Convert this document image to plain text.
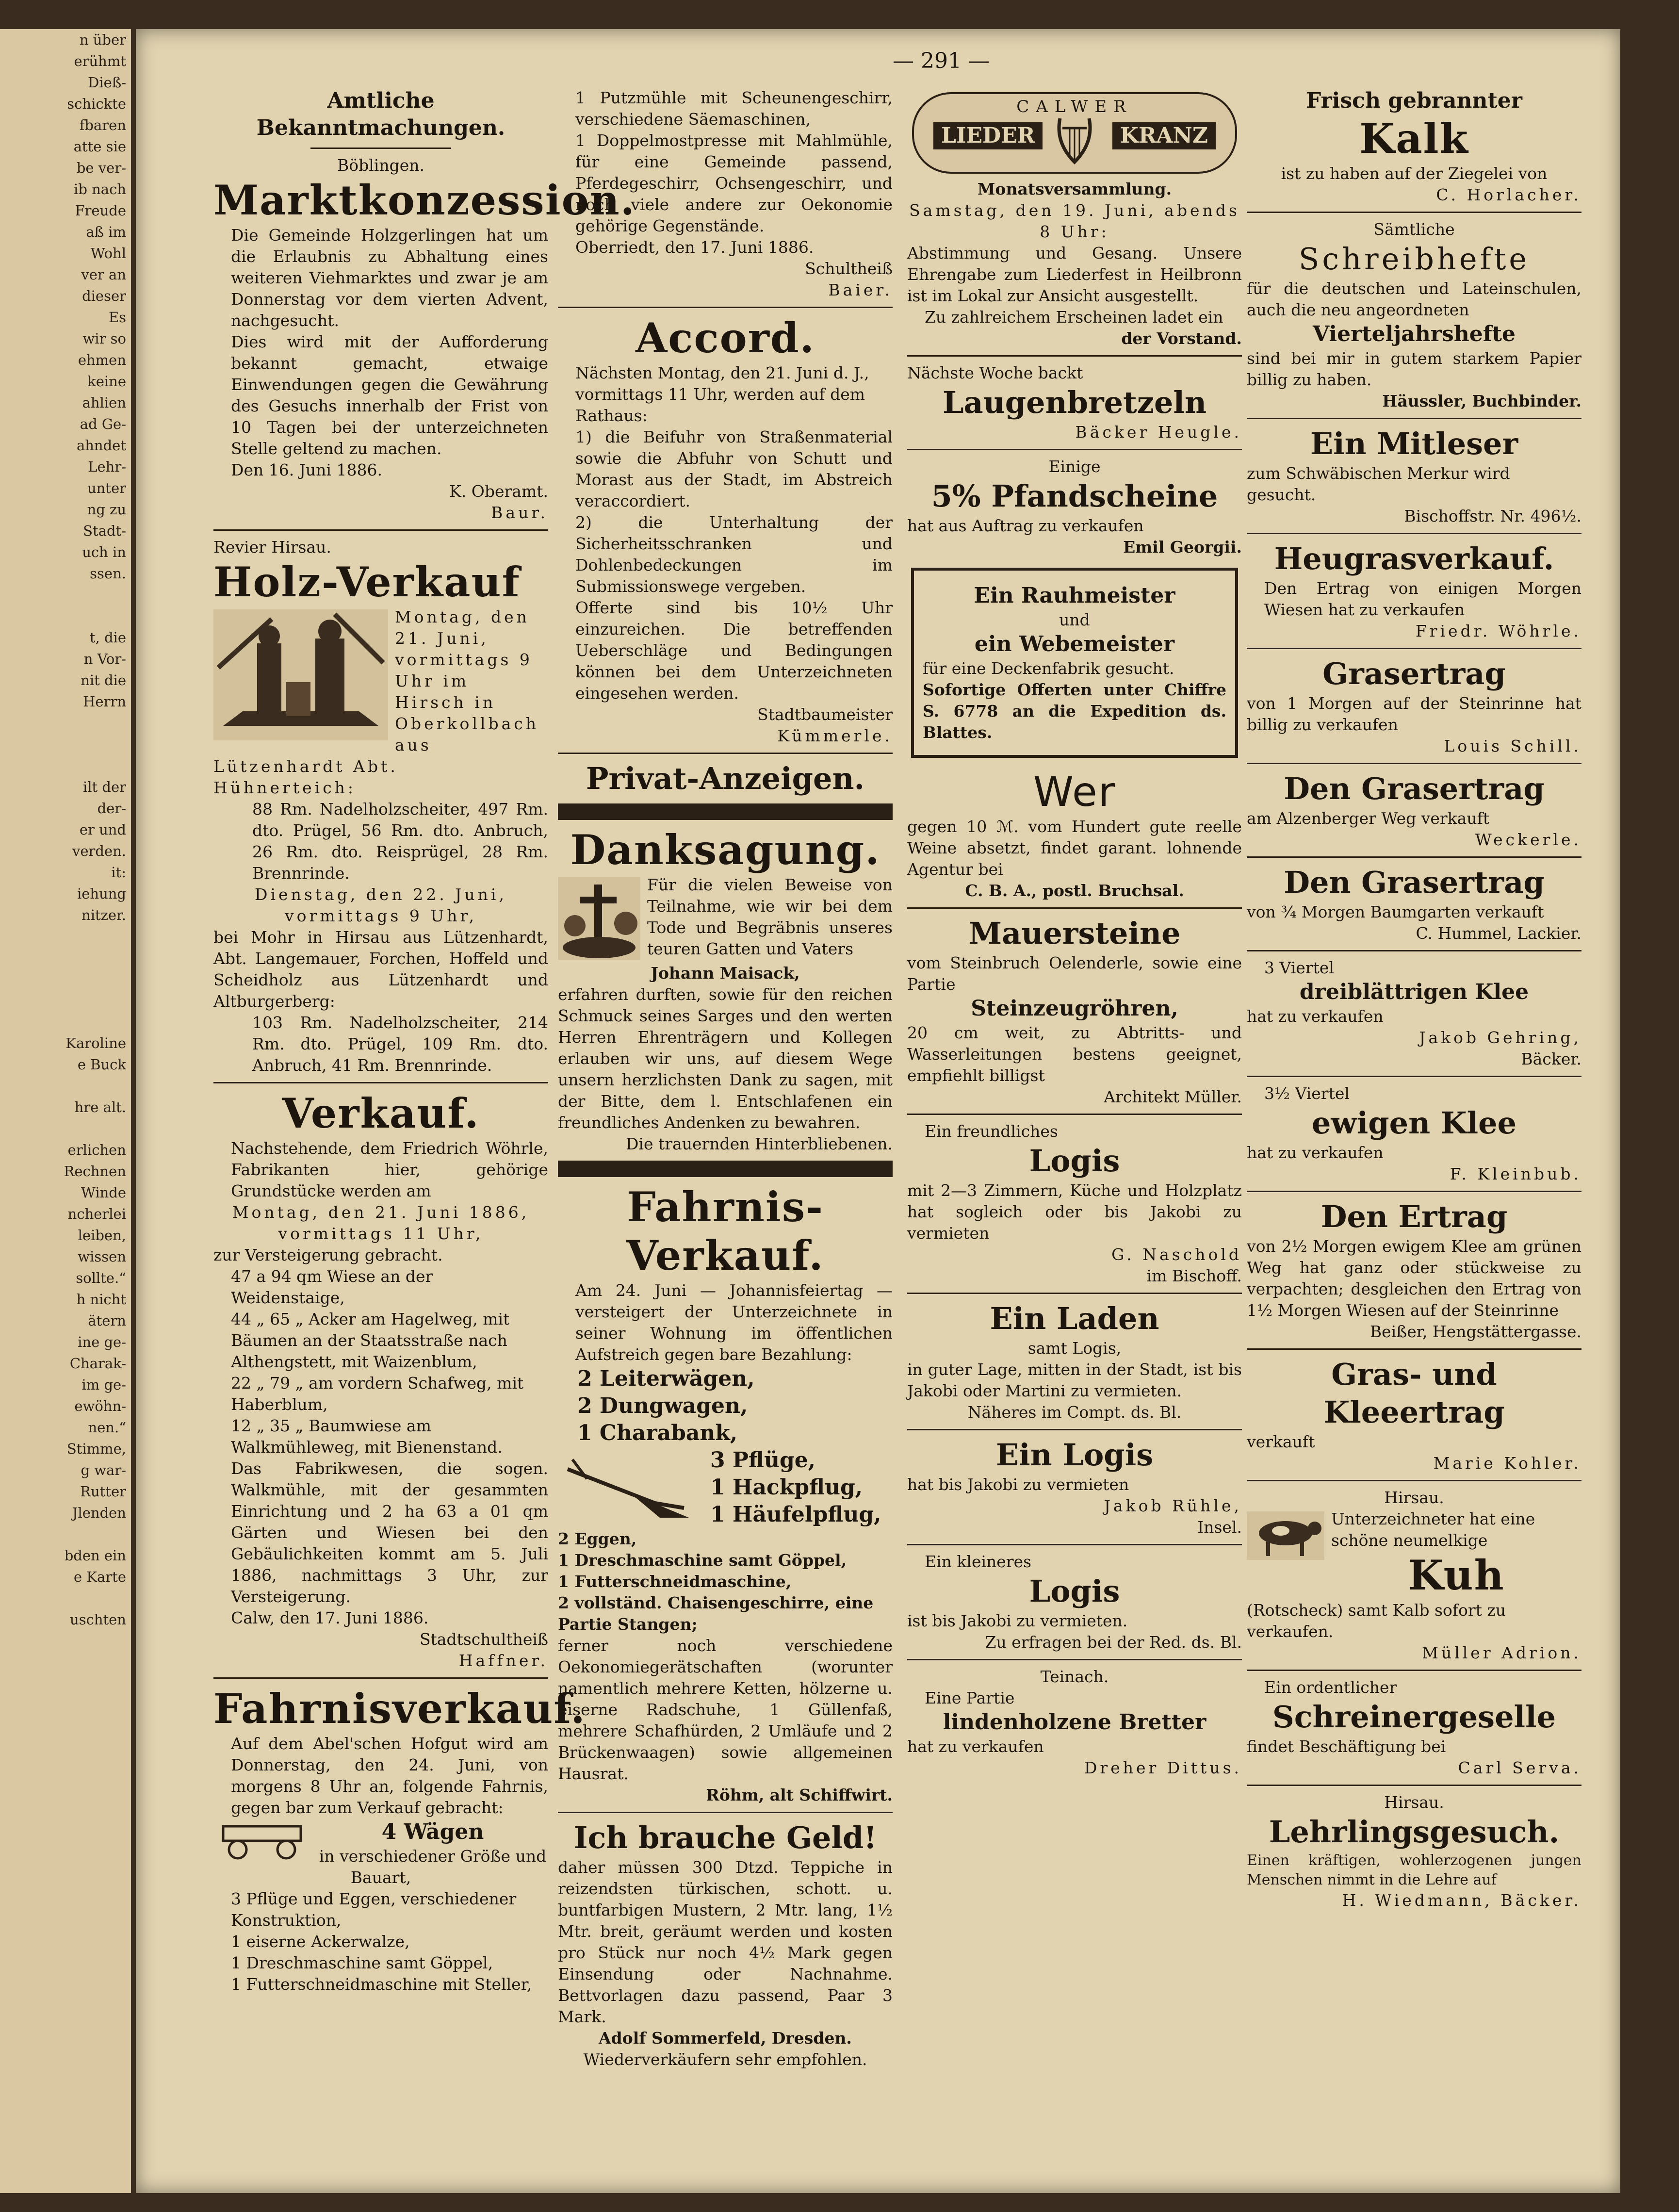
n über
erühmt
Dieß-
schickte
fbaren
atte sie
be ver-
ib nach
Freude
aß im
Wohl
ver an
dieser
Es
wir so
ehmen
keine
ahlien
ad Ge-
ahndet
Lehr-
unter
ng zu
Stadt-
uch in
ssen.

t, die
n Vor-
nit die
Herrn

ilt der
der-
er und
verden.
it:
iehung
nitzer.

Karoline
e Buck

hre alt.

erlichen
Rechnen
Winde
ncherlei
leiben,
wissen
sollte.“
h nicht
ätern
ine ge-
Charak-
im ge-
ewöhn-
nen.“
Stimme,
g war-
Rutter
Jlenden

bden ein
e Karte

uschten
— 291 —
Amtliche Bekanntmachungen.
Böblingen.
Marktkonzession.
Die Gemeinde Holzgerlingen hat um die Erlaubnis zu Abhaltung eines weiteren Viehmarktes und zwar je am Donnerstag vor dem vierten Advent, nachgesucht.
Dies wird mit der Aufforderung bekannt gemacht, etwaige Einwendungen gegen die Gewährung des Gesuchs innerhalb der Frist von 10 Tagen bei der unterzeichneten Stelle geltend zu machen.
Den 16. Juni 1886.
K. Oberamt.
Baur.
Revier Hirsau.
Holz-Verkauf
Montag, den 21. Juni, vormittags 9 Uhr im Hirsch in Oberkollbach aus Lützenhardt Abt. Hühnerteich:
88 Rm. Nadelholzscheiter, 497 Rm. dto. Prügel, 56 Rm. dto. Anbruch, 26 Rm. dto. Reisprügel, 28 Rm. Brennrinde.
Dienstag, den 22. Juni, vormittags 9 Uhr,
bei Mohr in Hirsau aus Lützenhardt, Abt. Langemauer, Forchen, Hoffeld und Scheidholz aus Lützenhardt und Altburgerberg:
103 Rm. Nadelholzscheiter, 214 Rm. dto. Prügel, 109 Rm. dto. Anbruch, 41 Rm. Brennrinde.
Verkauf.
Nachstehende, dem Friedrich Wöhrle, Fabrikanten hier, gehörige Grundstücke werden am
Montag, den 21. Juni 1886, vormittags 11 Uhr,
zur Versteigerung gebracht.
47 a 94 qm Wiese an der Weidenstaige,
44 „ 65 „ Acker am Hagelweg, mit Bäumen an der Staatsstraße nach Althengstett, mit Waizenblum,
22 „ 79 „ am vordern Schafweg, mit Haberblum,
12 „ 35 „ Baumwiese am Walkmühleweg, mit Bienenstand.
Das Fabrikwesen, die sogen. Walkmühle, mit der gesammten Einrichtung und 2 ha 63 a 01 qm Gärten und Wiesen bei den Gebäulichkeiten kommt am 5. Juli 1886, nachmittags 3 Uhr, zur Versteigerung.
Calw, den 17. Juni 1886.
Stadtschultheiß
Haffner.
Fahrnisverkauf.
Auf dem Abel'schen Hofgut wird am Donnerstag, den 24. Juni, von morgens 8 Uhr an, folgende Fahrnis, gegen bar zum Verkauf gebracht:
4 Wägen
in verschiedener Größe und Bauart,
3 Pflüge und Eggen, verschiedener Konstruktion,
1 eiserne Ackerwalze,
1 Dreschmaschine samt Göppel,
1 Futterschneidmaschine mit Steller,
1 Putzmühle mit Scheunengeschirr, verschiedene Säemaschinen,
1 Doppelmostpresse mit Mahlmühle, für eine Gemeinde passend, Pferdegeschirr, Ochsengeschirr, und noch viele andere zur Oekonomie gehörige Gegenstände.
Oberriedt, den 17. Juni 1886.
Schultheiß
Baier.
Accord.
Nächsten Montag, den 21. Juni d. J., vormittags 11 Uhr, werden auf dem Rathaus:
1) die Beifuhr von Straßenmaterial sowie die Abfuhr von Schutt und Morast aus der Stadt, im Abstreich veraccordiert.
2) die Unterhaltung der Sicherheitsschranken und Dohlenbedeckungen im Submissionswege vergeben.
Offerte sind bis 10½ Uhr einzureichen. Die betreffenden Ueberschläge und Bedingungen können bei dem Unterzeichneten eingesehen werden.
Stadtbaumeister
Kümmerle.
Privat-Anzeigen.
Danksagung.
Für die vielen Beweise von Teilnahme, wie wir bei dem Tode und Begräbnis unseres teuren Gatten und Vaters
Johann Maisack,
erfahren durften, sowie für den reichen Schmuck seines Sarges und den werten Herren Ehrenträgern und Kollegen erlauben wir uns, auf diesem Wege unsern herzlichsten Dank zu sagen, mit der Bitte, dem l. Entschlafenen ein freundliches Andenken zu bewahren.
Die trauernden Hinterbliebenen.
Fahrnis-Verkauf.
Am 24. Juni — Johannisfeiertag — versteigert der Unterzeichnete in seiner Wohnung im öffentlichen Aufstreich gegen bare Bezahlung:
2 Leiterwägen,
2 Dungwagen,
1 Charabank,
3 Pflüge,
1 Hackpflug,
1 Häufelpflug,
2 Eggen,
1 Dreschmaschine samt Göppel,
1 Futterschneidmaschine,
2 vollständ. Chaisengeschirre, eine Partie Stangen;
ferner noch verschiedene Oekonomiegerätschaften (worunter namentlich mehrere Ketten, hölzerne u. eiserne Radschuhe, 1 Güllenfaß, mehrere Schafhürden, 2 Umläufe und 2 Brückenwaagen) sowie allgemeinen Hausrat.
Röhm, alt Schiffwirt.
Ich brauche Geld!
daher müssen 300 Dtzd. Teppiche in reizendsten türkischen, schott. u. buntfarbigen Mustern, 2 Mtr. lang, 1½ Mtr. breit, geräumt werden und kosten pro Stück nur noch 4½ Mark gegen Einsendung oder Nachnahme. Bettvorlagen dazu passend, Paar 3 Mark.
Adolf Sommerfeld, Dresden.
Wiederverkäufern sehr empfohlen.
CALWER
LIEDER	KRANZ
Monatsversammlung.
Samstag, den 19. Juni, abends 8 Uhr:
Abstimmung und Gesang. Unsere Ehrengabe zum Liederfest in Heilbronn ist im Lokal zur Ansicht ausgestellt.
Zu zahlreichem Erscheinen ladet ein
der Vorstand.
Nächste Woche backt
Laugenbretzeln
Bäcker Heugle.
Einige
5% Pfandscheine
hat aus Auftrag zu verkaufen
Emil Georgii.
Ein Rauhmeister
und
ein Webemeister
für eine Deckenfabrik gesucht.
Sofortige Offerten unter Chiffre S. 6778 an die Expedition ds. Blattes.
Wer
gegen 10 ℳ. vom Hundert gute reelle Weine absetzt, findet garant. lohnende Agentur bei
C. B. A., postl. Bruchsal.
Mauersteine
vom Steinbruch Oelenderle, sowie eine Partie
Steinzeugröhren,
20 cm weit, zu Abtritts- und Wasserleitungen bestens geeignet, empfiehlt billigst
Architekt Müller.
Ein freundliches
Logis
mit 2—3 Zimmern, Küche und Holzplatz hat sogleich oder bis Jakobi zu vermieten
G. Naschold
im Bischoff.
Ein Laden
samt Logis,
in guter Lage, mitten in der Stadt, ist bis Jakobi oder Martini zu vermieten.
Näheres im Compt. ds. Bl.
Ein Logis
hat bis Jakobi zu vermieten
Jakob Rühle,
Insel.
Ein kleineres
Logis
ist bis Jakobi zu vermieten.
Zu erfragen bei der Red. ds. Bl.
Teinach.
Eine Partie
lindenholzene Bretter
hat zu verkaufen
Dreher Dittus.
Frisch gebrannter
Kalk
ist zu haben auf der Ziegelei von
C. Horlacher.
Sämtliche
Schreibhefte
für die deutschen und Lateinschulen, auch die neu angeordneten
Vierteljahrshefte
sind bei mir in gutem starkem Papier billig zu haben.
Häussler, Buchbinder.
Ein Mitleser
zum Schwäbischen Merkur wird gesucht.
Bischoffstr. Nr. 496½.
Heugrasverkauf.
Den Ertrag von einigen Morgen Wiesen hat zu verkaufen
Friedr. Wöhrle.
Grasertrag
von 1 Morgen auf der Steinrinne hat billig zu verkaufen
Louis Schill.
Den Grasertrag
am Alzenberger Weg verkauft
Weckerle.
Den Grasertrag
von ¾ Morgen Baumgarten verkauft
C. Hummel, Lackier.
3 Viertel
dreiblättrigen Klee
hat zu verkaufen
Jakob Gehring,
Bäcker.
3½ Viertel
ewigen Klee
hat zu verkaufen
F. Kleinbub.
Den Ertrag
von 2½ Morgen ewigem Klee am grünen Weg hat ganz oder stückweise zu verpachten; desgleichen den Ertrag von 1½ Morgen Wiesen auf der Steinrinne
Beißer, Hengstättergasse.
Gras- und Kleeertrag
verkauft
Marie Kohler.
Hirsau.
Unterzeichneter hat eine schöne neumelkige
Kuh
(Rotscheck) samt Kalb sofort zu verkaufen.
Müller Adrion.
Ein ordentlicher
Schreinergeselle
findet Beschäftigung bei
Carl Serva.
Hirsau.
Lehrlingsgesuch.
Einen kräftigen, wohlerzogenen jungen Menschen nimmt in die Lehre auf
H. Wiedmann, Bäcker.
